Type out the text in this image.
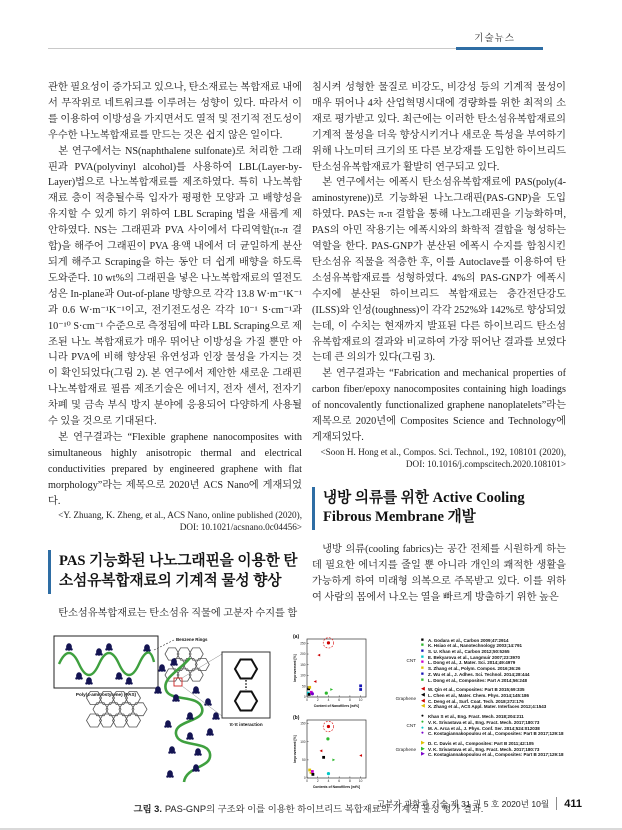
기술뉴스

관한 필요성이 증가되고 있으나, 탄소재료는 복합재료 내에서 무작위로 네트워크를 이루려는 성향이 있다. 따라서 이를 이용하여 이방성을 가지면서도 열적 및 전기적 전도성이 우수한 나노복합재료를 만드는 것은 쉽지 않은 일이다.

본 연구에서는 NS(naphthalene sulfonate)로 처리한 그래핀과 PVA(polyvinyl alcohol)를 사용하여 LBL(Layer-by-Layer)법으로 나노복합재료를 제조하였다. 특히 나노복합재료 층이 적층될수록 입자가 평평한 모양과 고 배향성을 유지할 수 있게 하기 위하여 LBL Scraping 법을 새롭게 제안하였다. NS는 그래핀과 PVA 사이에서 다리역할(π-π 결합)을 해주어 그래핀이 PVA 용액 내에서 더 균일하게 분산되게 해주고 Scraping을 하는 동안 더 쉽게 배향을 하도록 도와준다. 10 wt%의 그래핀을 넣은 나노복합재료의 열전도성은 In-plane과 Out-of-plane 방향으로 각각 13.8 W·m⁻¹K⁻¹과 0.6 W·m⁻¹K⁻¹이고, 전기전도성은 각각 10⁻¹ S·cm⁻¹과 10⁻¹⁰ S·cm⁻¹ 수준으로 측정됨에 따라 LBL Scraping으로 제조된 나노 복합재료가 매우 뛰어난 이방성을 가질 뿐만 아니라 PVA에 비해 향상된 유연성과 인장 물성을 가지는 것이 확인되었다(그림 2). 본 연구에서 제안한 새로운 그래핀 나노복합재료 필름 제조기술은 에너지, 전자 센서, 전자기 차폐 및 금속 부식 방지 분야에 응용되어 다양하게 사용될 수 있을 것으로 기대된다.

본 연구결과는 “Flexible graphene nanocomposites with simultaneous highly anisotropic thermal and electrical conductivities prepared by engineered graphene with flat morphology”라는 제목으로 2020년 ACS Nano에 게재되었다.

<Y. Zhuang, K. Zheng, et al., ACS Nano, online published (2020), DOI: 10.1021/acsnano.0c04456>

PAS 기능화된 나노그래핀을 이용한 탄소섬유복합재료의 기계적 물성 향상

탄소섬유복합재료는 탄소섬유 직물에 고분자 수지를 함

침시켜 성형한 물질로 비강도, 비강성 등의 기계적 물성이 매우 뛰어나 4차 산업혁명시대에 경량화를 위한 최적의 소재로 평가받고 있다. 최근에는 이러한 탄소섬유복합재료의 기계적 물성을 더욱 향상시키거나 새로운 특성을 부여하기 위해 나노미터 크기의 또 다른 보강재를 도입한 하이브리드 탄소섬유복합재료가 활발히 연구되고 있다.

본 연구에서는 에폭시 탄소섬유복합재료에 PAS(poly(4-aminostyrene))로 기능화된 나노그래핀(PAS-GNP)을 도입하였다. PAS는 π-π 결합을 통해 나노그래핀을 기능화하며, PAS의 아민 작용기는 에폭시와의 화학적 결합을 형성하는 역할을 한다. PAS-GNP가 분산된 에폭시 수지를 함침시킨 탄소섬유 직물을 적층한 후, 이를 Autoclave를 이용하여 탄소섬유복합재료를 성형하였다. 4%의 PAS-GNP가 에폭시 수지에 분산된 하이브리드 복합재료는 층간전단강도(ILSS)와 인성(toughness)이 각각 252%와 142%로 향상되었는데, 이 수치는 현재까지 발표된 다른 하이브리드 탄소섬유복합재료의 결과와 비교하여 가장 뛰어난 결과를 보였다는데 큰 의의가 있다(그림 3).

본 연구결과는 “Fabrication and mechanical properties of carbon fiber/epoxy nanocomposites containing high loadings of noncovalently functionalized graphene nanoplatelets”라는 제목으로 2020년에 Composites Science and Technology에 게재되었다.

<Soon H. Hong et al., Compos. Sci. Technol., 192, 108101 (2020), DOI: 10.1016/j.compscitech.2020.108101>

냉방 의류를 위한 Active Cooling Fibrous Membrane 개발

냉방 의류(cooling fabrics)는 공간 전체를 시원하게 하는 데 필요한 에너지를 줄일 뿐 아니라 개인의 쾌적한 생활을 가능하게 하여 미래형 의복으로 주목받고 있다. 이를 위하여 사람의 몸에서 나오는 열을 빠르게 방출하기 위한 높은

Poly(4-aminostyrene) (PAS)
Benzene Rings
π-π interaction
(a)
0	2	4	6	8	10
0
50
100
150
200
250
Content of Nanofillers [wt%]
Improvement [%]
(b)
0	2	4	6	8	10
0
50
100
150
Contents of Nanofillers [wt%]
Improvement [%]
CNT
■ A. Godara et al., Carbon 2009;47:2914
■ K. Hsiao et al., Nanotechnology 2003;14:791
■ S. U. Khan et al., Carbon 2012;50:5265
■ E. Bekyarova et al., Langmuir 2007;23:3970
■ L. Dong et al., J. Mater. Sci. 2014;49:4979
■ S. Zhang et al., Polym. Compos. 2016;36:26
■ Z. Wu et al., J. Adhes. Sci. Technol. 2014;28:444
■ L. Dong et al., Composites: Part A 2014;56:248
Graphene
◀ W. Qin et al., Composites: Part B 2015;69:335
◀ L. Chen et al., Mater. Chem. Phys. 2014;145:186
◀ C. Deng et al., Surf. Coat. Tech. 2018;272:176
◀ X. Zhang et al., ACS Appl. Mater. Interfaces 2012;4:1543
CNT
● Khan S et al., Eng. Fract. Mech. 2018;204:211
● V. K. Srivastava et al., Eng. Fract. Mech. 2017;180:73
● M. A. Arca et al., J. Phys. Conf. Ser. 2014;524:012038
● C. Kostagiannakopoulou et al., Composites: Part B 2017;129:18
Graphene
▶ D. C. Davis et al., Composites: Part B 2011;42:105
▶ V. K. Srivastava et al., Eng. Fract. Mech. 2017;180:73
▶ C. Kostagiannakopoulou et al., Composites: Part B 2017;129:18
그림 3. PAS-GNP의 구조와 이를 이용한 하이브리드 복합재료의 기계적 물성 평가 결과.
고분자 과학과 기술 제 31 권 5 호 2020년 10월 411
